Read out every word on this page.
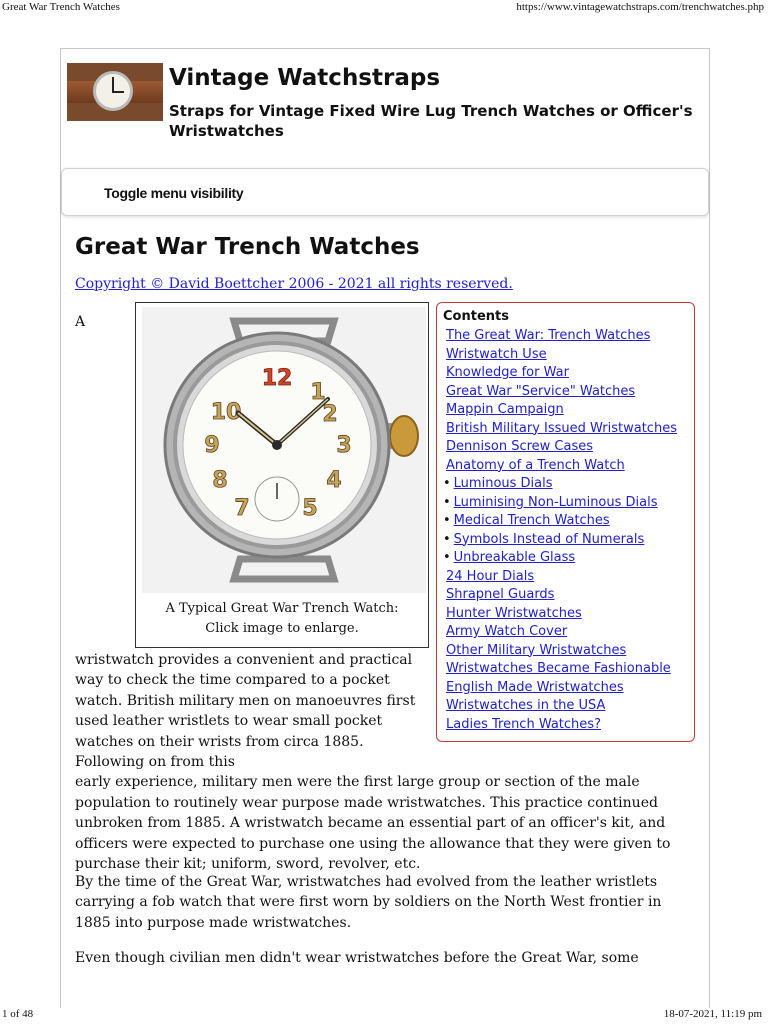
Great War Trench Watches	https://www.vintagewatchstraps.com/trenchwatches.php
Vintage Watchstraps
Straps for Vintage Fixed Wire Lug Trench Watches or Officer's Wristwatches
Toggle menu visibility
Great War Trench Watches
Copyright © David Boettcher 2006 - 2021 all rights reserved.
A
12
1
2
3
4
5
7
8
9
10
A Typical Great War Trench Watch:
Click image to enlarge.
Contents
The Great War: Trench Watches
Wristwatch Use
Knowledge for War
Great War "Service" Watches
Mappin Campaign
British Military Issued Wristwatches
Dennison Screw Cases
Anatomy of a Trench Watch
• Luminous Dials
• Luminising Non-Luminous Dials
• Medical Trench Watches
• Symbols Instead of Numerals
• Unbreakable Glass
24 Hour Dials
Shrapnel Guards
Hunter Wristwatches
Army Watch Cover
Other Military Wristwatches
Wristwatches Became Fashionable
English Made Wristwatches
Wristwatches in the USA
Ladies Trench Watches?
wristwatch provides a convenient and practical way to check the time compared to a pocket watch. British military men on manoeuvres first used leather wristlets to wear small pocket watches on their wrists from circa 1885. Following on from this
early experience, military men were the first large group or section of the male population to routinely wear purpose made wristwatches. This practice continued unbroken from 1885. A wristwatch became an essential part of an officer's kit, and officers were expected to purchase one using the allowance that they were given to purchase their kit; uniform, sword, revolver, etc.

By the time of the Great War, wristwatches had evolved from the leather wristlets carrying a fob watch that were first worn by soldiers on the North West frontier in 1885 into purpose made wristwatches.

Even though civilian men didn't wear wristwatches before the Great War, some

1 of 48	18-07-2021, 11:19 pm
